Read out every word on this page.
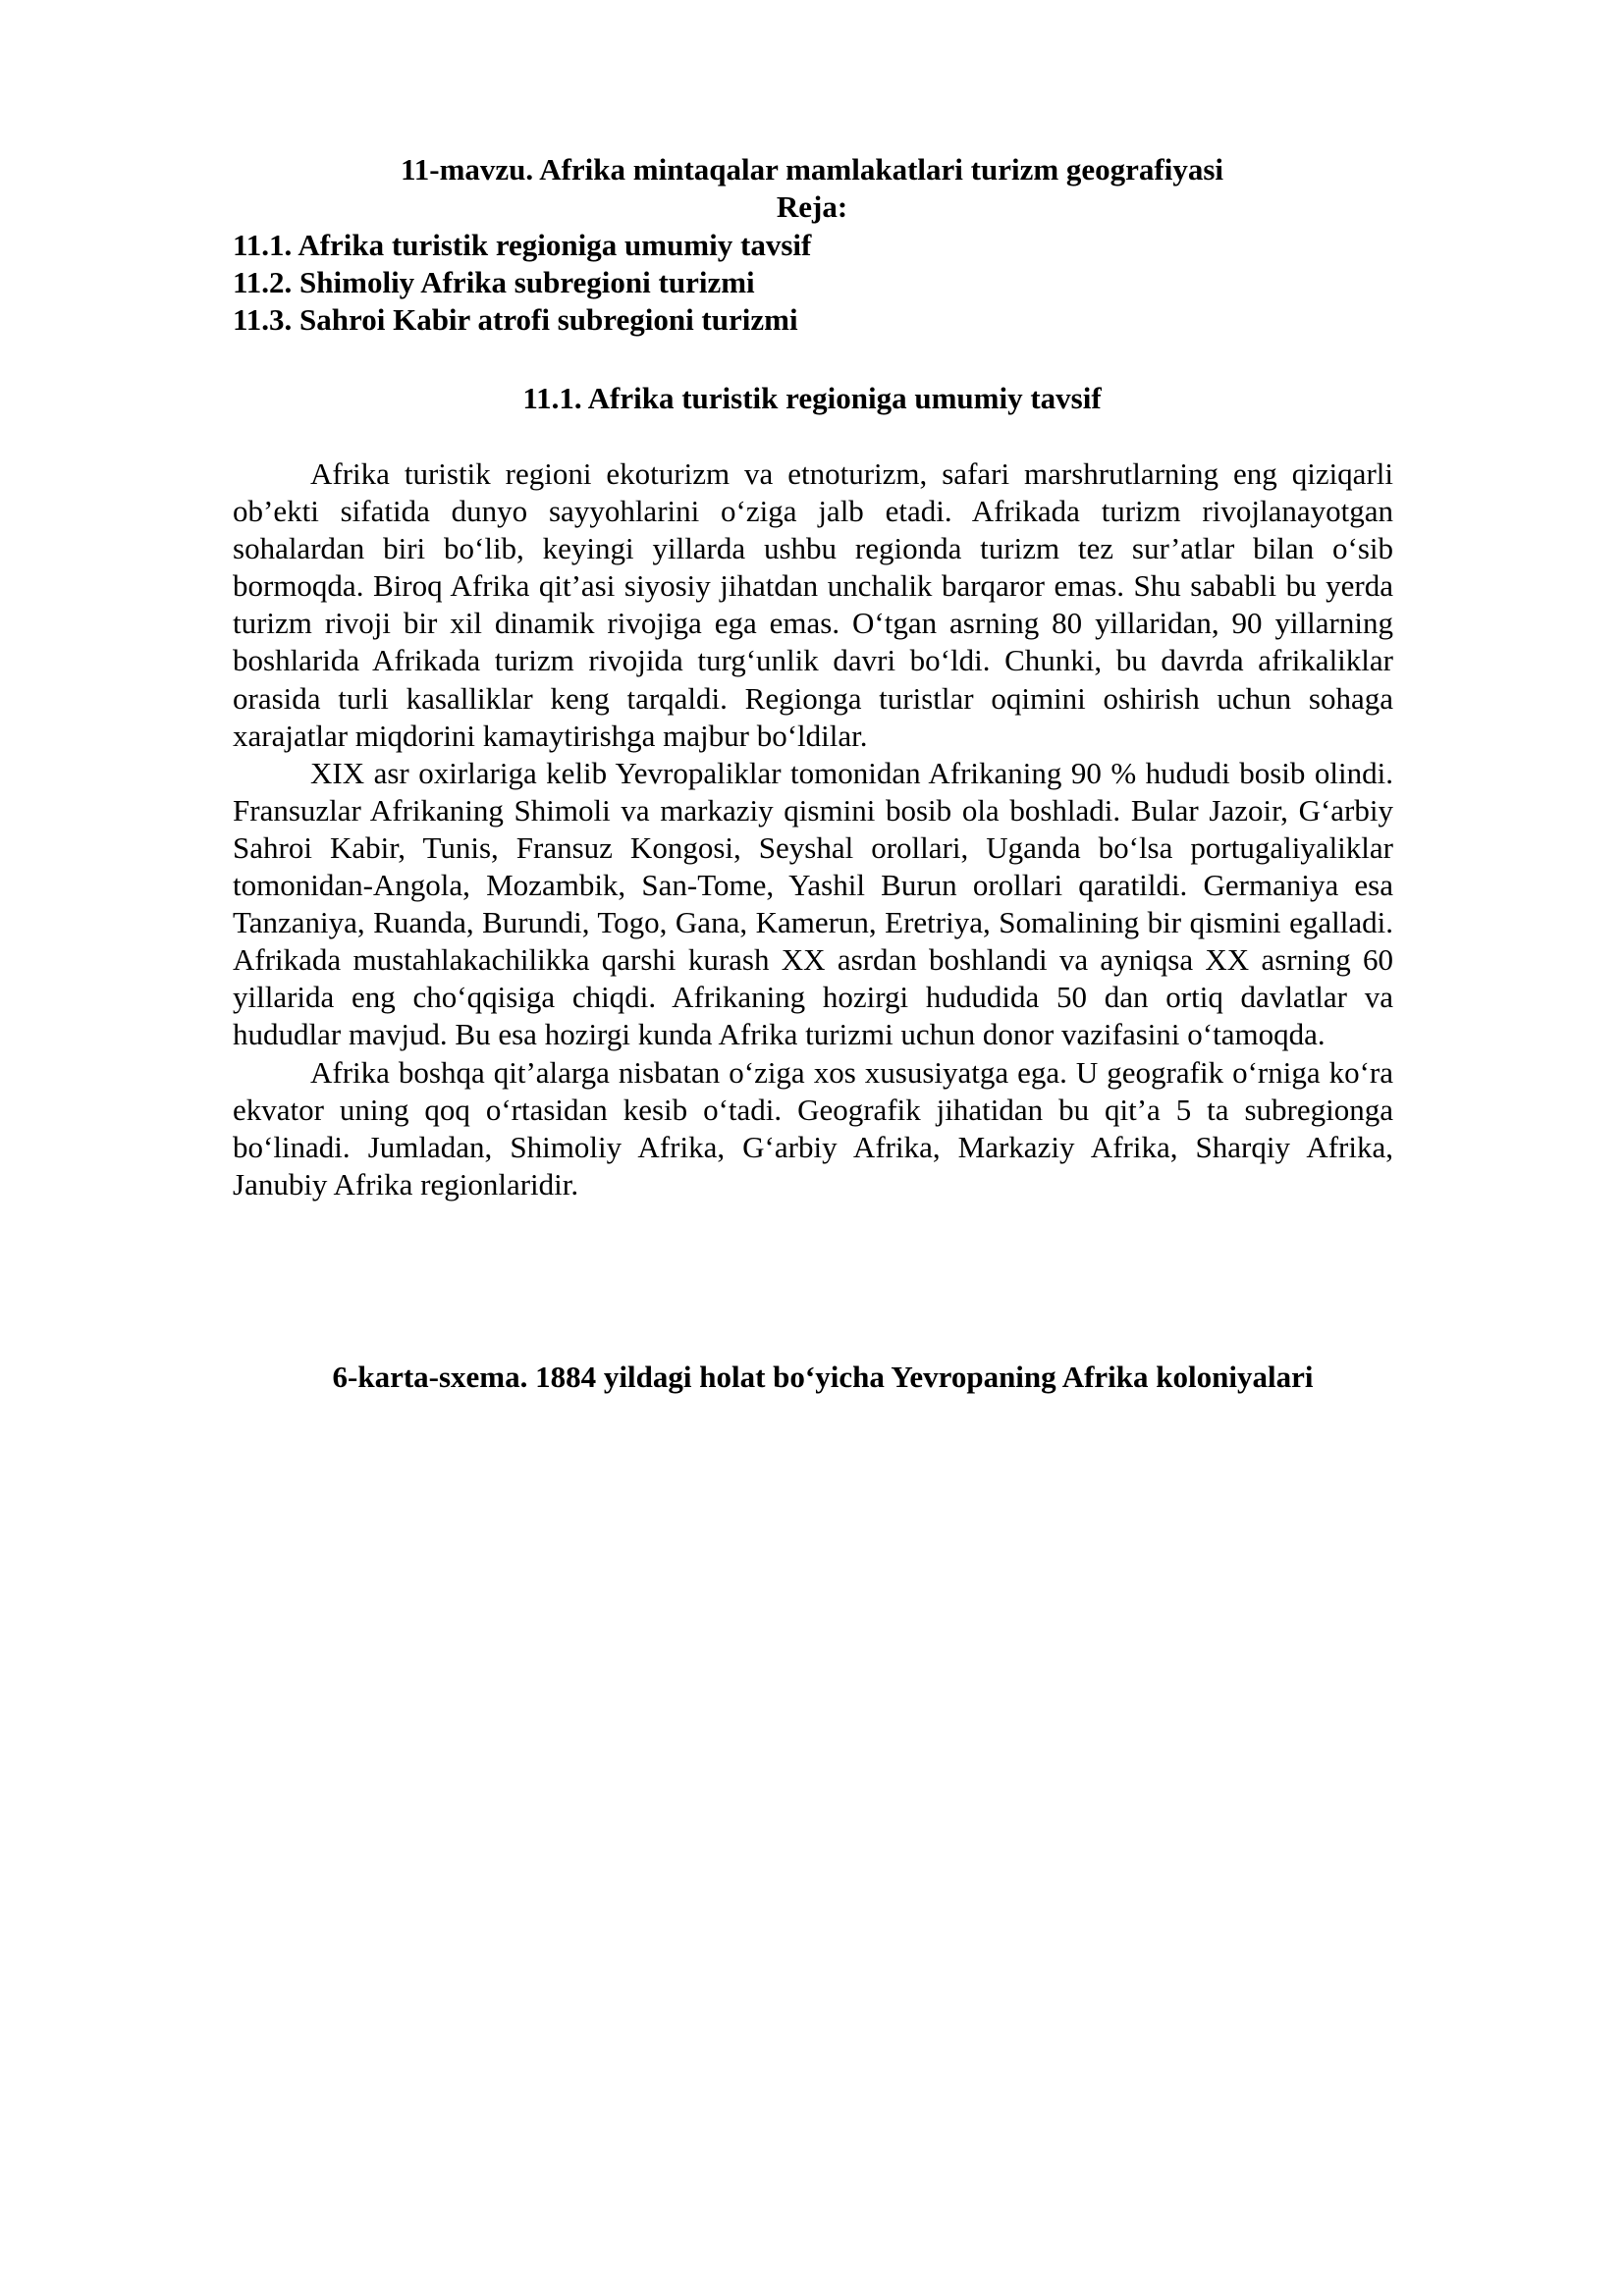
11-mavzu. Afrika mintaqalar mamlakatlari turizm geografiyasi
Reja:
11.1. Afrika turistik regioniga umumiy tavsif
11.2. Shimoliy Afrika subregioni turizmi
11.3. Sahroi Kabir atrofi subregioni turizmi
11.1. Afrika turistik regioniga umumiy tavsif

Afrika turistik regioni ekoturizm va etnoturizm, safari marshrutlarning eng qiziqarli ob’ekti sifatida dunyo sayyohlarini o‘ziga jalb etadi. Afrikada turizm rivojlanayotgan sohalardan biri bo‘lib, keyingi yillarda ushbu regionda turizm tez sur’atlar bilan o‘sib bormoqda. Biroq Afrika qit’asi siyosiy jihatdan unchalik barqaror emas. Shu sababli bu yerda turizm rivoji bir xil dinamik rivojiga ega emas. O‘tgan asrning 80 yillaridan, 90 yillarning boshlarida Afrikada turizm rivojida turg‘unlik davri bo‘ldi. Chunki, bu davrda afrikaliklar orasida turli kasalliklar keng tarqaldi. Regionga turistlar oqimini oshirish uchun sohaga xarajatlar miqdorini kamaytirishga majbur bo‘ldilar.

XIX asr oxirlariga kelib Yevropaliklar tomonidan Afrikaning 90 % hududi bosib olindi. Fransuzlar Afrikaning Shimoli va markaziy qismini bosib ola boshladi. Bular Jazoir, G‘arbiy Sahroi Kabir, Tunis, Fransuz Kongosi, Seyshal orollari, Uganda bo‘lsa portugaliyaliklar tomonidan-Angola, Mozambik, San-Tome, Yashil Burun orollari qaratildi. Germaniya esa Tanzaniya, Ruanda, Burundi, Togo, Gana, Kamerun, Eretriya, Somalining bir qismini egalladi. Afrikada mustahlakachilikka qarshi kurash XX asrdan boshlandi va ayniqsa XX asrning 60 yillarida eng cho‘qqisiga chiqdi. Afrikaning hozirgi hududida 50 dan ortiq davlatlar va hududlar mavjud. Bu esa hozirgi kunda Afrika turizmi uchun donor vazifasini o‘tamoqda.

Afrika boshqa qit’alarga nisbatan o‘ziga xos xususiyatga ega. U geografik o‘rniga ko‘ra ekvator uning qoq o‘rtasidan kesib o‘tadi. Geografik jihatidan bu qit’a 5 ta subregionga bo‘linadi. Jumladan, Shimoliy Afrika, G‘arbiy Afrika, Markaziy Afrika, Sharqiy Afrika, Janubiy Afrika regionlaridir.

6-karta-sxema. 1884 yildagi holat bo‘yicha Yevropaning Afrika koloniyalari
